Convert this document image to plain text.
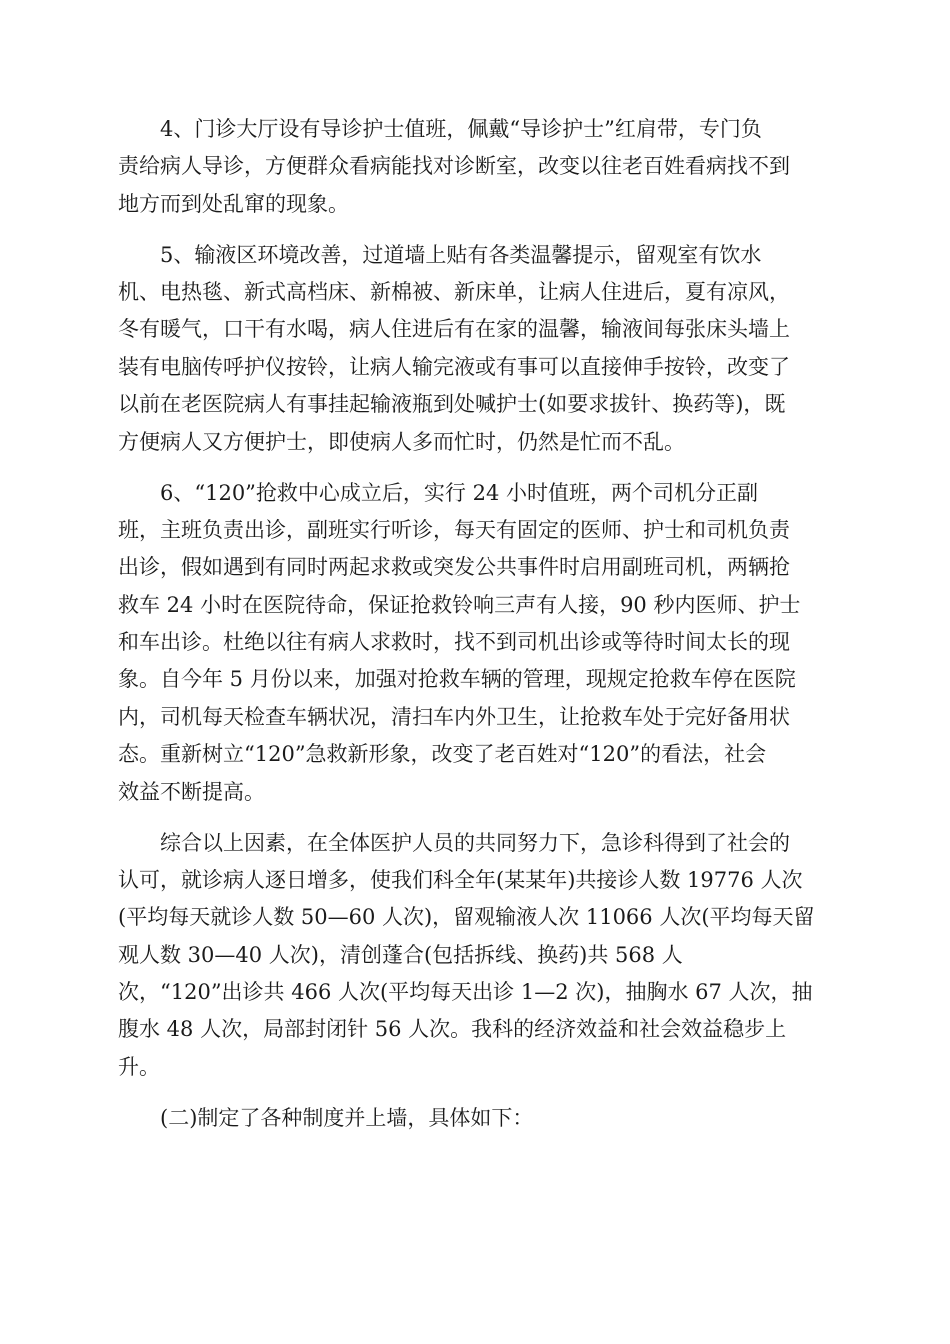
4、门诊大厅设有导诊护士值班，佩戴“导诊护士”红肩带，专门负
责给病人导诊，方便群众看病能找对诊断室，改变以往老百姓看病找不到
地方而到处乱窜的现象。
5、输液区环境改善，过道墙上贴有各类温馨提示，留观室有饮水
机、电热毯、新式高档床、新棉被、新床单，让病人住进后，夏有凉风，
冬有暖气，口干有水喝，病人住进后有在家的温馨，输液间每张床头墙上
装有电脑传呼护仪按铃，让病人输完液或有事可以直接伸手按铃，改变了
以前在老医院病人有事挂起输液瓶到处喊护士(如要求拔针、换药等)，既
方便病人又方便护士，即使病人多而忙时，仍然是忙而不乱。
6、“120”抢救中心成立后，实行 24 小时值班，两个司机分正副
班，主班负责出诊，副班实行听诊，每天有固定的医师、护士和司机负责
出诊，假如遇到有同时两起求救或突发公共事件时启用副班司机，两辆抢
救车 24 小时在医院待命，保证抢救铃响三声有人接，90 秒内医师、护士
和车出诊。杜绝以往有病人求救时，找不到司机出诊或等待时间太长的现
象。自今年 5 月份以来，加强对抢救车辆的管理，现规定抢救车停在医院
内，司机每天检查车辆状况，清扫车内外卫生，让抢救车处于完好备用状
态。重新树立“120”急救新形象，改变了老百姓对“120”的看法，社会
效益不断提高。
综合以上因素，在全体医护人员的共同努力下，急诊科得到了社会的
认可，就诊病人逐日增多，使我们科全年(某某年)共接诊人数 19776 人次
(平均每天就诊人数 50—60 人次)，留观输液人次 11066 人次(平均每天留
观人数 30—40 人次)，清创蓬合(包括拆线、换药)共 568 人
次，“120”出诊共 466 人次(平均每天出诊 1—2 次)，抽胸水 67 人次，抽
腹水 48 人次，局部封闭针 56 人次。我科的经济效益和社会效益稳步上
升。
(二)制定了各种制度并上墙，具体如下：
